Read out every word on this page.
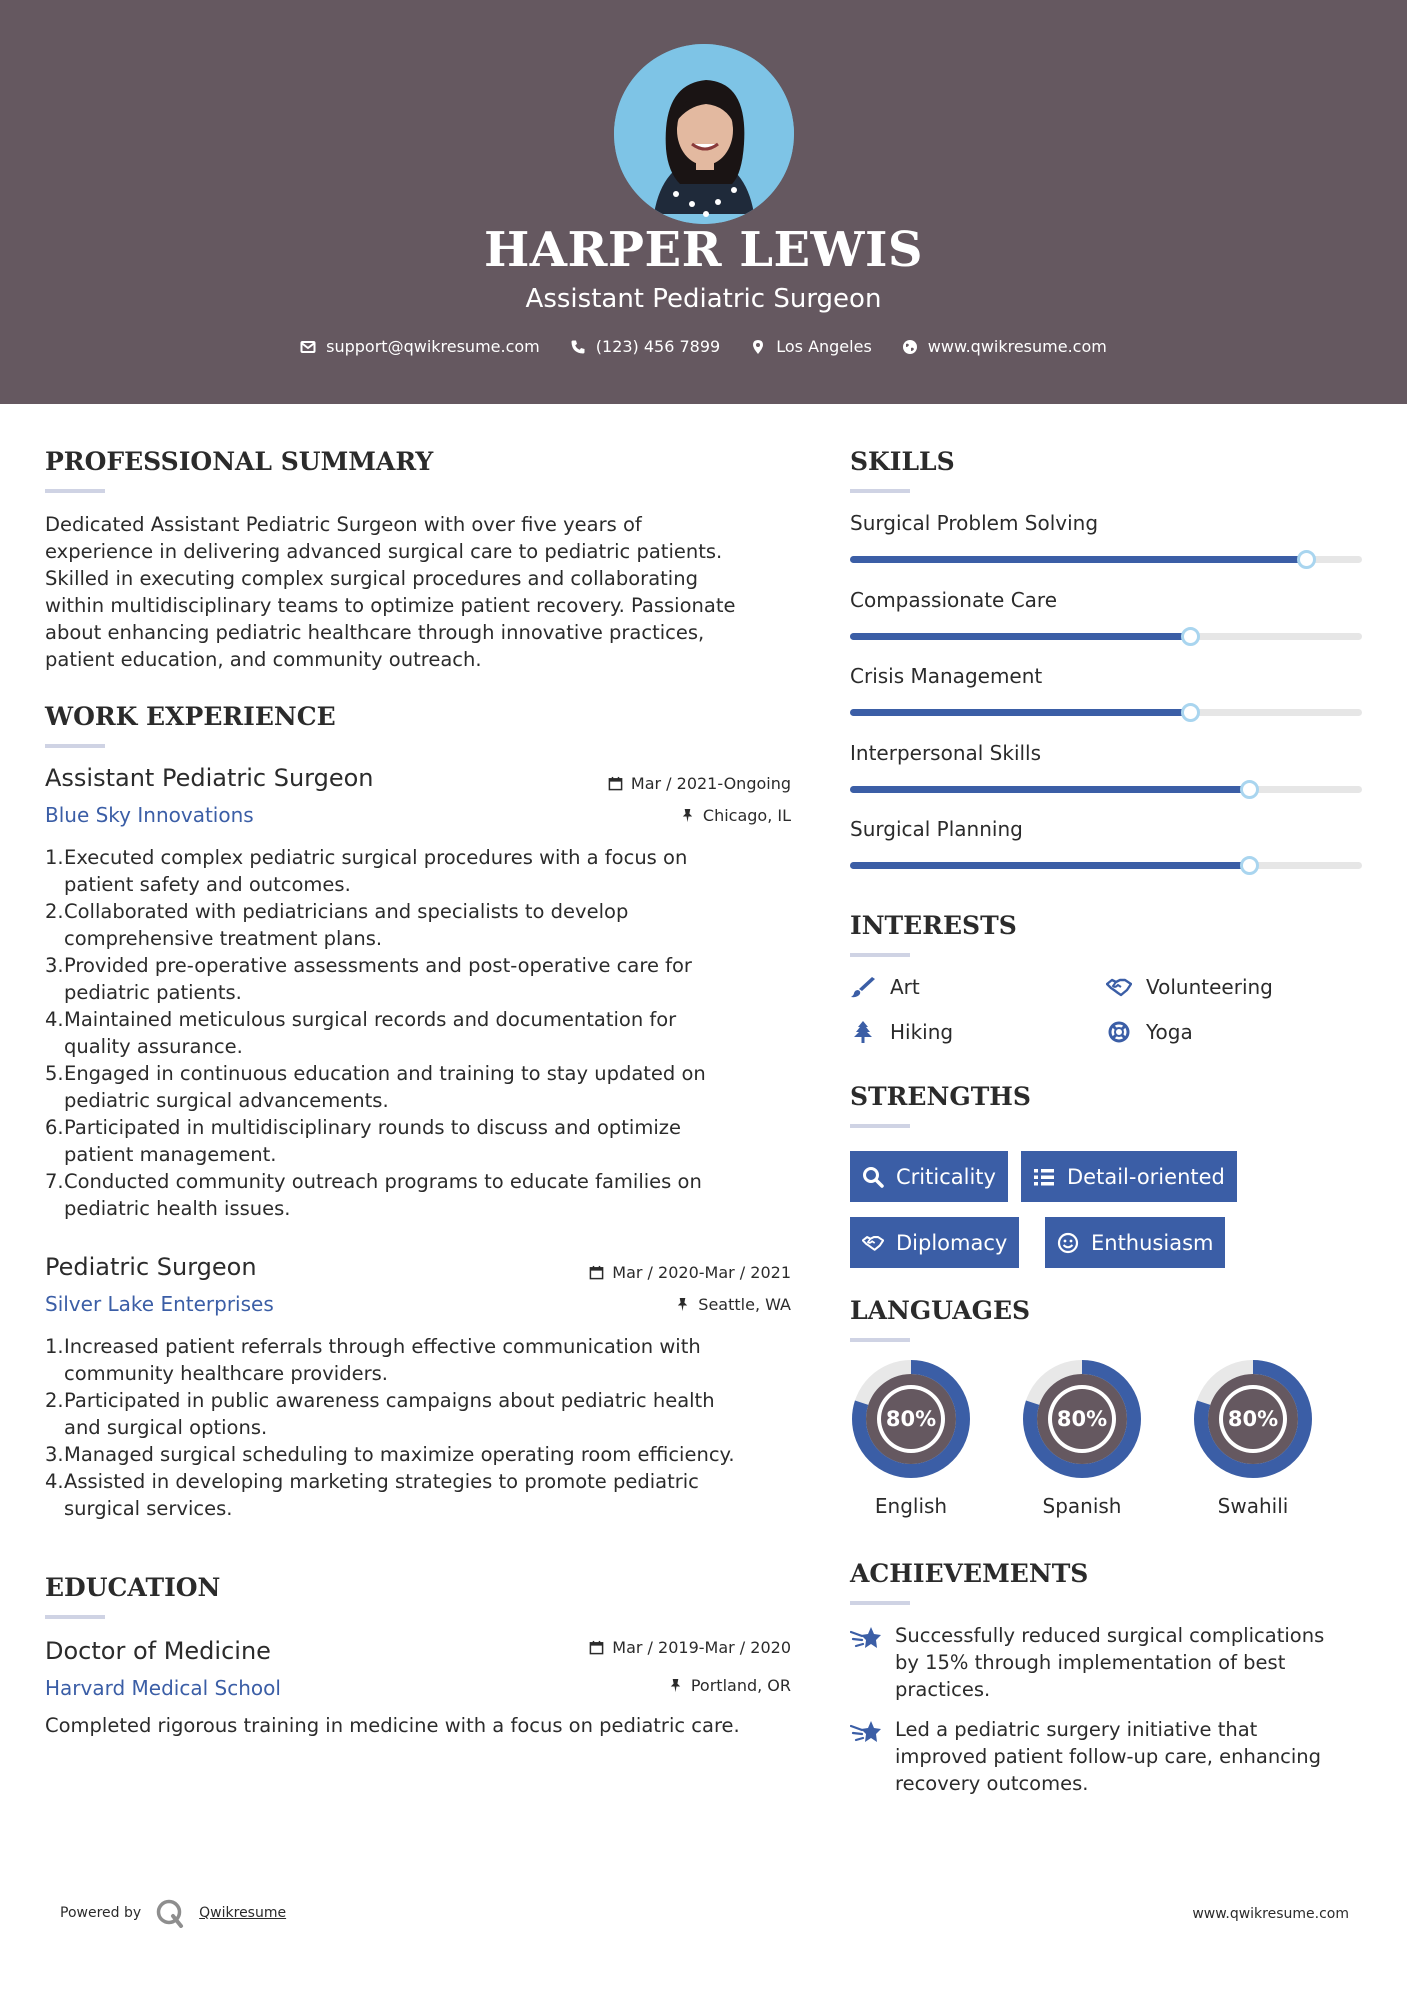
HARPER LEWIS
Assistant Pediatric Surgeon
support@qwikresume.com	(123) 456 7899	Los Angeles	www.qwikresume.com
PROFESSIONAL SUMMARY
Dedicated Assistant Pediatric Surgeon with over five years of
experience in delivering advanced surgical care to pediatric patients.
Skilled in executing complex surgical procedures and collaborating
within multidisciplinary teams to optimize patient recovery. Passionate
about enhancing pediatric healthcare through innovative practices,
patient education, and community outreach.
WORK EXPERIENCE
Assistant Pediatric Surgeon
Blue Sky Innovations
Mar / 2021-Ongoing
Chicago, IL
1. Executed complex pediatric surgical procedures with a focus on
patient safety and outcomes.
2. Collaborated with pediatricians and specialists to develop
comprehensive treatment plans.
3. Provided pre-operative assessments and post-operative care for
pediatric patients.
4. Maintained meticulous surgical records and documentation for
quality assurance.
5. Engaged in continuous education and training to stay updated on
pediatric surgical advancements.
6. Participated in multidisciplinary rounds to discuss and optimize
patient management.
7. Conducted community outreach programs to educate families on
pediatric health issues.
Pediatric Surgeon
Silver Lake Enterprises
Mar / 2020-Mar / 2021
Seattle, WA
1. Increased patient referrals through effective communication with
community healthcare providers.
2. Participated in public awareness campaigns about pediatric health
and surgical options.
3. Managed surgical scheduling to maximize operating room efficiency.
4. Assisted in developing marketing strategies to promote pediatric
surgical services.
EDUCATION
Doctor of Medicine
Harvard Medical School
Mar / 2019-Mar / 2020
Portland, OR
Completed rigorous training in medicine with a focus on pediatric care.
SKILLS
Surgical Problem Solving
Compassionate Care
Crisis Management
Interpersonal Skills
Surgical Planning
INTERESTS
Art	Volunteering
Hiking	Yoga
STRENGTHS
Criticality	Detail-oriented
Diplomacy	Enthusiasm
LANGUAGES
80%
English
80%
Spanish
80%
Swahili
ACHIEVEMENTS
Successfully reduced surgical complications
by 15% through implementation of best
practices.
Led a pediatric surgery initiative that
improved patient follow-up care, enhancing
recovery outcomes.
Powered by	Qwikresume	www.qwikresume.com
